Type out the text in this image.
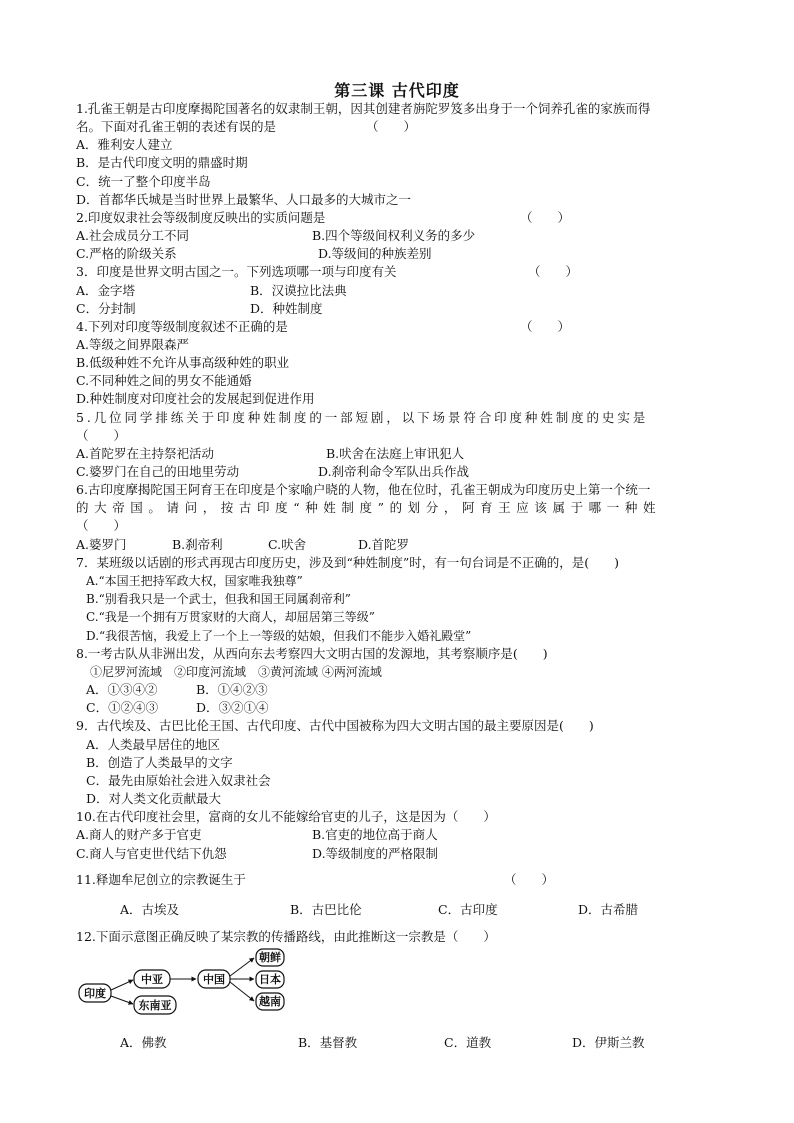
第三课 古代印度
1.孔雀王朝是古印度摩揭陀国著名的奴隶制王朝，因其创建者旃陀罗笈多出身于一个饲养孔雀的家族而得
名。下面对孔雀王朝的表述有误的是	（　　）
A．雅利安人建立
B．是古代印度文明的鼎盛时期
C．统一了整个印度半岛
D．首都华氏城是当时世界上最繁华、人口最多的大城市之一
2.印度奴隶社会等级制度反映出的实质问题是	（　　）
A.社会成员分工不同	B.四个等级间权利义务的多少
C.严格的阶级关系	D.等级间的种族差别
3．印度是世界文明古国之一。下列选项哪一项与印度有关	（　　）
A．金字塔	B．汉谟拉比法典
C．分封制	D．种姓制度
4.下列对印度等级制度叙述不正确的是	（　　）
A.等级之间界限森严
B.低级种姓不允许从事高级种姓的职业
C.不同种姓之间的男女不能通婚
D.种姓制度对印度社会的发展起到促进作用
5.几位同学排练关于印度种姓制度的一部短剧，以下场景符合印度种姓制度的史实是
（　　）
A.首陀罗在主持祭祀活动	B.吠舍在法庭上审讯犯人
C.婆罗门在自己的田地里劳动	D.刹帝利命令军队出兵作战
6.古印度摩揭陀国王阿育王在印度是个家喻户晓的人物，他在位时，孔雀王朝成为印度历史上第一个统一
的大帝国。请问，按古印度“种姓制度”的划分，阿育王应该属于哪一种姓
（　　）
A.婆罗门	B.刹帝利	C.吠舍	D.首陀罗
7．某班级以话剧的形式再现古印度历史，涉及到“种姓制度”时，有一句台词是不正确的，是(　　)
A.“本国王把持军政大权，国家唯我独尊”
B.“别看我只是一个武士，但我和国王同属刹帝利”
C.“我是一个拥有万贯家财的大商人，却屈居第三等级”
D.“我很苦恼，我爱上了一个上一等级的姑娘，但我们不能步入婚礼殿堂”
8.一考古队从非洲出发，从西向东去考察四大文明古国的发源地，其考察顺序是(　　)
①尼罗河流域　②印度河流域　③黄河流域 ④两河流域
A．①③④②	B．①④②③
C．①②④③	D．③②①④
9．古代埃及、古巴比伦王国、古代印度、古代中国被称为四大文明古国的最主要原因是(　　)
A．人类最早居住的地区
B．创造了人类最早的文字
C．最先由原始社会进入奴隶社会
D．对人类文化贡献最大
10.在古代印度社会里，富商的女儿不能嫁给官吏的儿子，这是因为（　　）
A.商人的财产多于官吏	B.官吏的地位高于商人
C.商人与官吏世代结下仇怨	D.等级制度的严格限制
11.释迦牟尼创立的宗教诞生于	（　　）
A．古埃及	B．古巴比伦	C．古印度	D．古希腊
12.下面示意图正确反映了某宗教的传播路线，由此推断这一宗教是（　　）
印度
中亚
东南亚
中国
朝鲜
日本
越南
A．佛教	B．基督教	C．道教	D．伊斯兰教
